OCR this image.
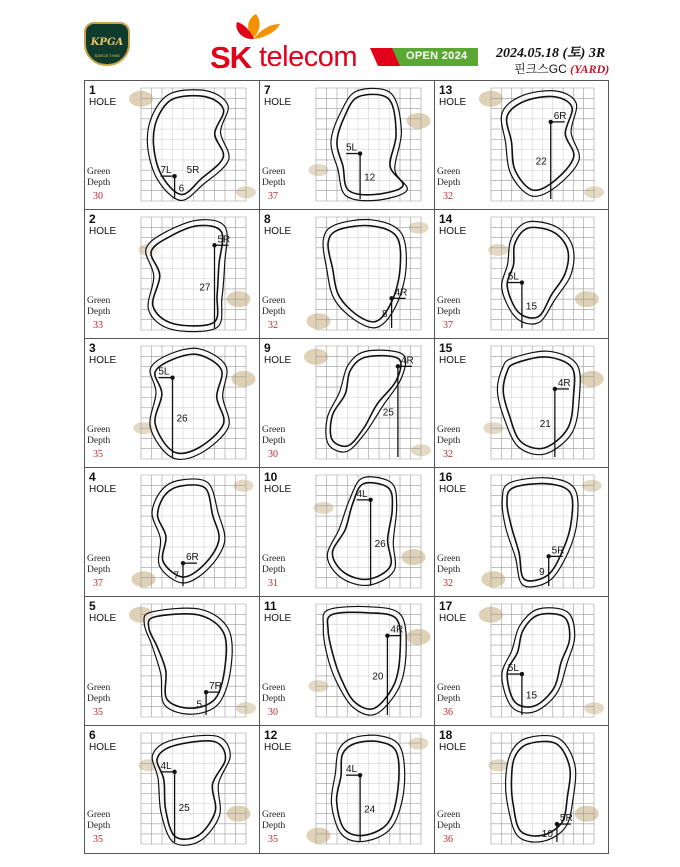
KPGA
SINCE 1968	SK telecom	OPEN 2024 2024.05.18 (토) 3R
핀크스GC (YARD)
1
HOLE
Green
Depth
30
7L
6
5R
2
HOLE
Green
Depth
33
5R
27
3
HOLE
Green
Depth
35
5L
26
4
HOLE
Green
Depth
37
6R
7
5
HOLE
Green
Depth
35
7R
5
6
HOLE
Green
Depth
35
4L
25
7
HOLE
Green
Depth
37
5L
12
8
HOLE
Green
Depth
32
4R
8
9
HOLE
Green
Depth
30
4R
25
10
HOLE
Green
Depth
31
4L
26
11
HOLE
Green
Depth
30
4R
20
12
HOLE
Green
Depth
35
4L
24
13
HOLE
Green
Depth
32
6R
22
14
HOLE
Green
Depth
37
5L
15
15
HOLE
Green
Depth
32
4R
21
16
HOLE
Green
Depth
32
5R
9
17
HOLE
Green
Depth
36
5L
15
18
HOLE
Green
Depth
36
5R
10
